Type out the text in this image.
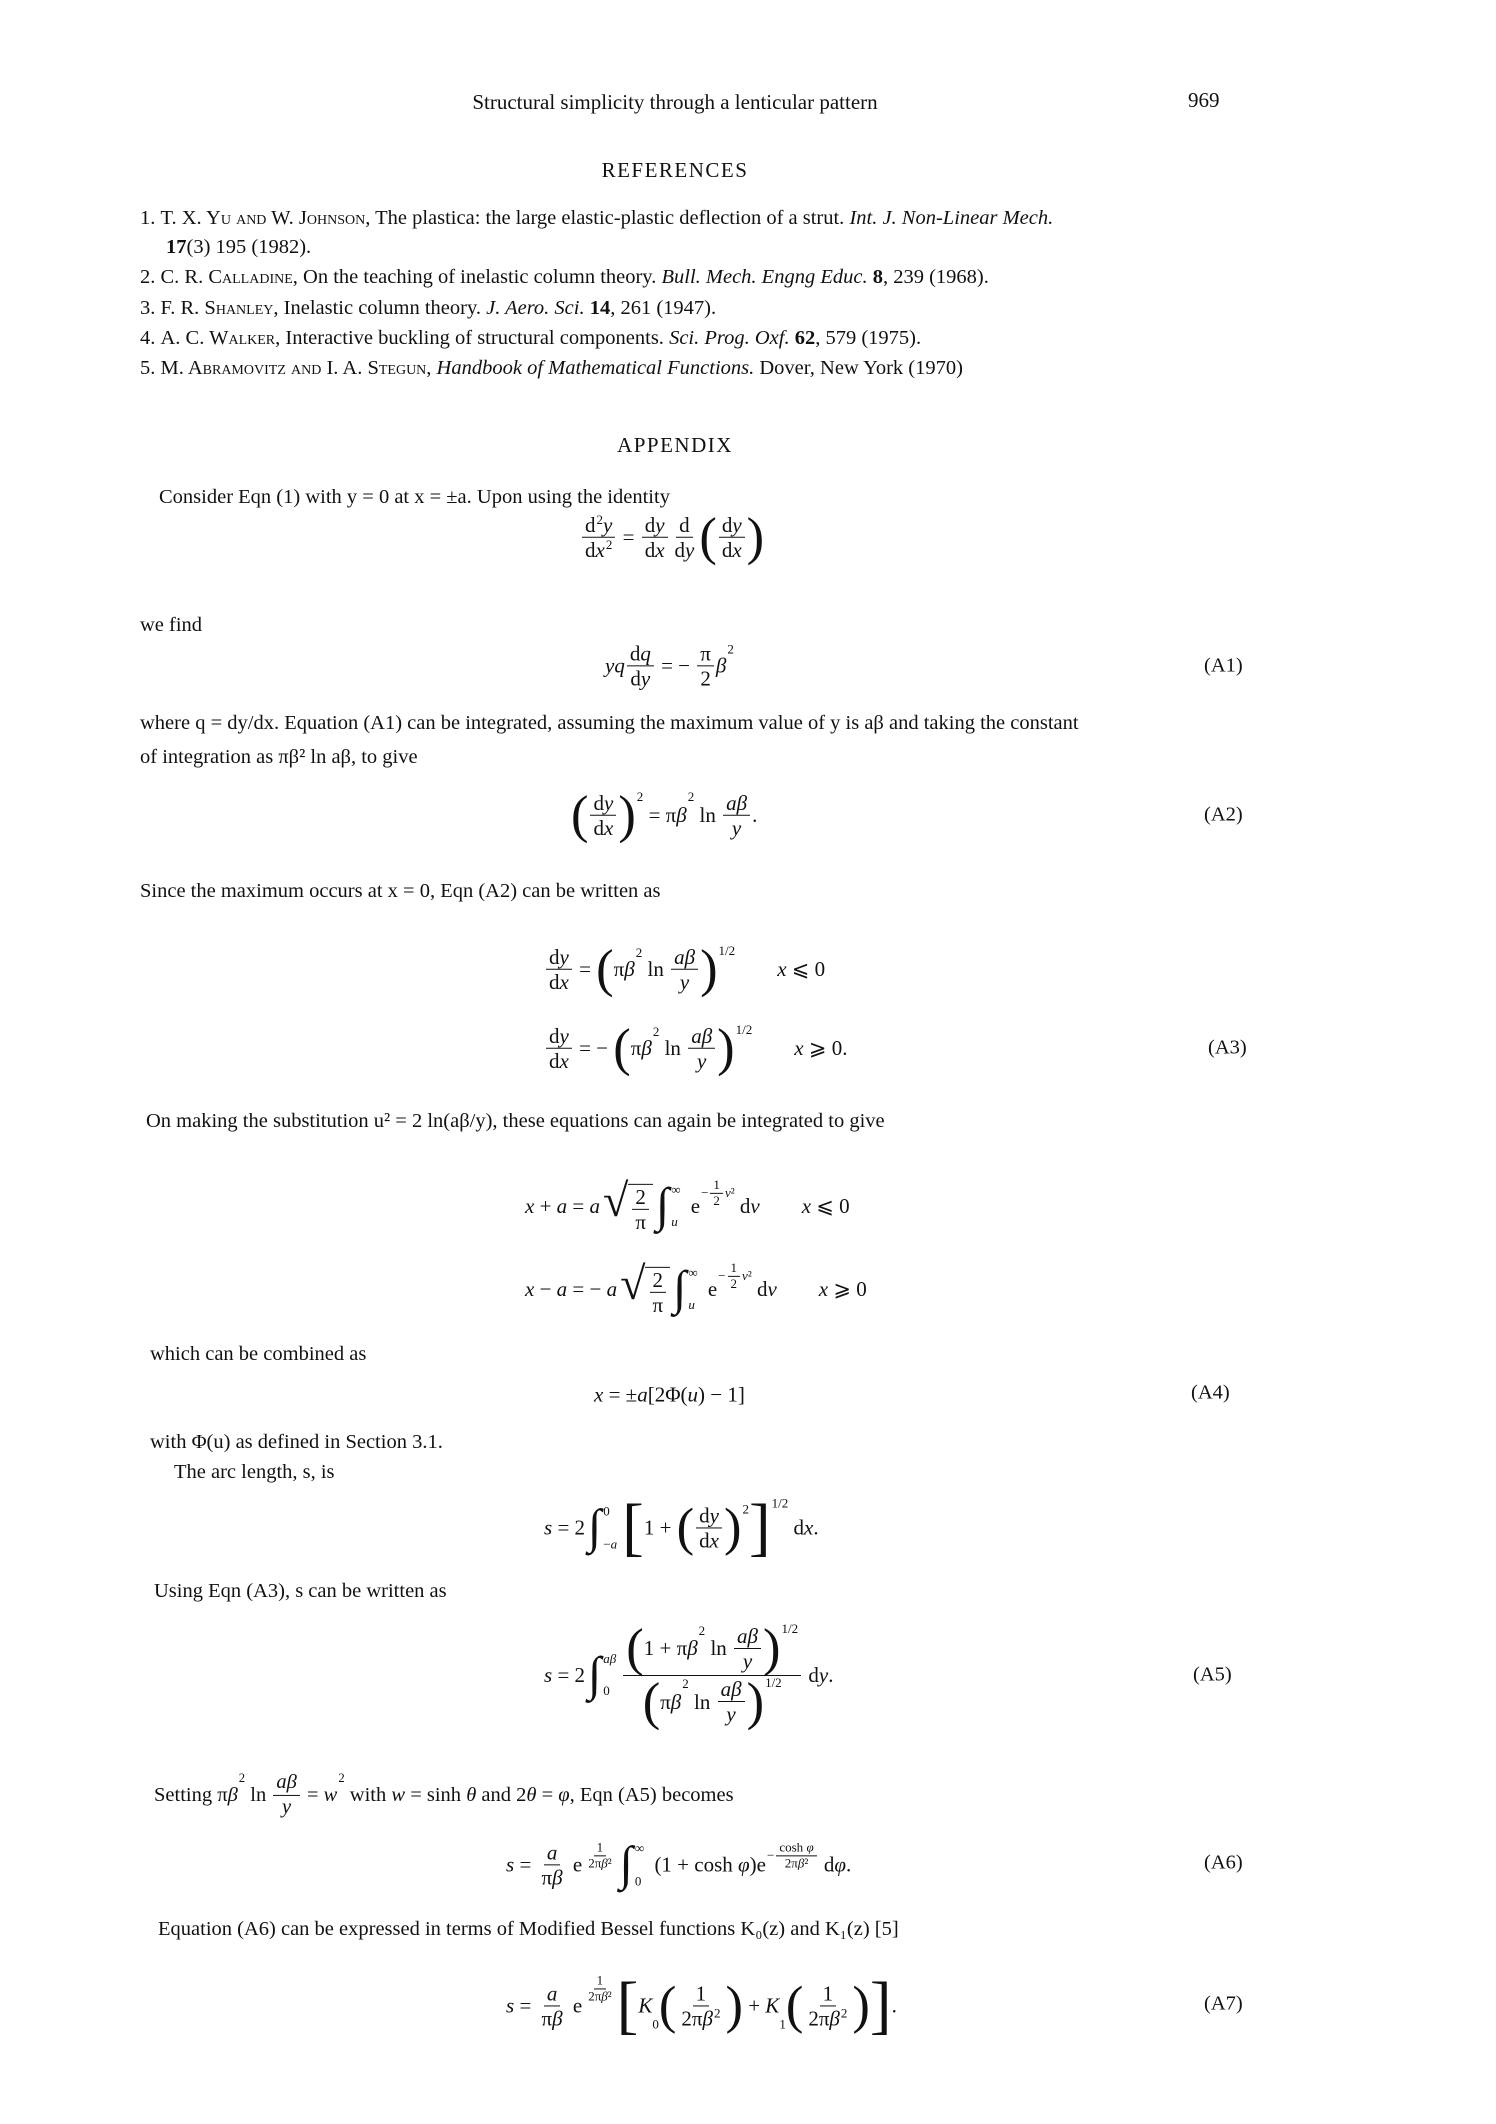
Structural simplicity through a lenticular pattern	969
REFERENCES
1. T. X. Yu and W. Johnson, The plastica: the large elastic-plastic deflection of a strut. Int. J. Non-Linear Mech.
17(3) 195 (1982).
2. C. R. Calladine, On the teaching of inelastic column theory. Bull. Mech. Engng Educ. 8, 239 (1968).
3. F. R. Shanley, Inelastic column theory. J. Aero. Sci. 14, 261 (1947).
4. A. C. Walker, Interactive buckling of structural components. Sci. Prog. Oxf. 62, 579 (1975).
5. M. Abramovitz and I. A. Stegun, Handbook of Mathematical Functions. Dover, New York (1970)
APPENDIX
Consider Eqn (1) with y = 0 at x = ±a. Upon using the identity
we find
where q = dy/dx. Equation (A1) can be integrated, assuming the maximum value of y is aβ and taking the constant
of integration as πβ² ln aβ, to give
Since the maximum occurs at x = 0, Eqn (A2) can be written as
On making the substitution u² = 2 ln(aβ/y), these equations can again be integrated to give
which can be combined as
with Φ(u) as defined in Section 3.1.
The arc length, s, is
Using Eqn (A3), s can be written as
Equation (A6) can be expressed in terms of Modified Bessel functions K₀(z) and K₁(z) [5]
$\frac{d 2 y}{\text{d x 2}} = \frac{\text{d y}}{\text{d x}} \frac{d}{\text{d y}}$ ( $\frac{\text{d y}}{\text{d x}}$ )
yq $\frac{\text{d q}}{\text{d y}}$ = − $\frac{\pi}{2}$ β
2
( $\frac{\text{d y}}{\text{d x}}$ ) 2
= π β
2
$\ln \frac{a\beta}{y}$ .
$\frac{\text{d y}}{\text{d x}}$ = ( π β
2
$\ln \frac{a\beta}{y}$ ) 1/2

x ⩽ 0
$\frac{\text{d y}}{\text{d x}}$ = − ( π β
2
$\ln \frac{a\beta}{y}$ ) 1/2

x ⩾ 0.
x + a = a √ $\frac{2}{\pi}$ ∫ ∞
u
e
− $\frac{1}{2}$ v ²
d v
   x ⩽ 0
x − a = − a √ $\frac{2}{\pi}$ ∫ ∞
u
e
− $\frac{1}{2}$ v ²
d v
   x ⩾ 0
x = ± a [2Φ( u ) − 1]
s = 2 ∫ 0
− a [ 1 + ( $\frac{\text{d y}}{\text{d x}}$ ) 2 ] 1/2
d x .
s = 2 ∫ aβ
0 ( 1 + π β
2
$\ln \frac{a\beta}{y}$ ) 1/2
( π β
2
$\ln \frac{a\beta}{y}$ ) 1/2 d y .
Setting π β
2
$\ln \frac{a\beta}{y} = w$
2
with w = sinh θ and 2 θ = φ , Eqn (A5) becomes
$s = \frac{a}{\text{π β}}$ e $\frac{1}{\text{2π β ²}}$ ∫ ∞
0
(1 + cosh φ )$e - \frac{\text{cosh φ}}{\text{2π β ²}}$ d φ .
$s = \frac{a}{\text{π β}}$ e
$\frac{1}{\text{2π β ²}}$ [ K
0 ( $\frac{1}{\text{2π β 2}}$ ) + K
1 ( $\frac{1}{\text{2π β 2}}$ ) ] .
(A1)
(A2)
(A3)
(A4)
(A5)
(A6)
(A7)
